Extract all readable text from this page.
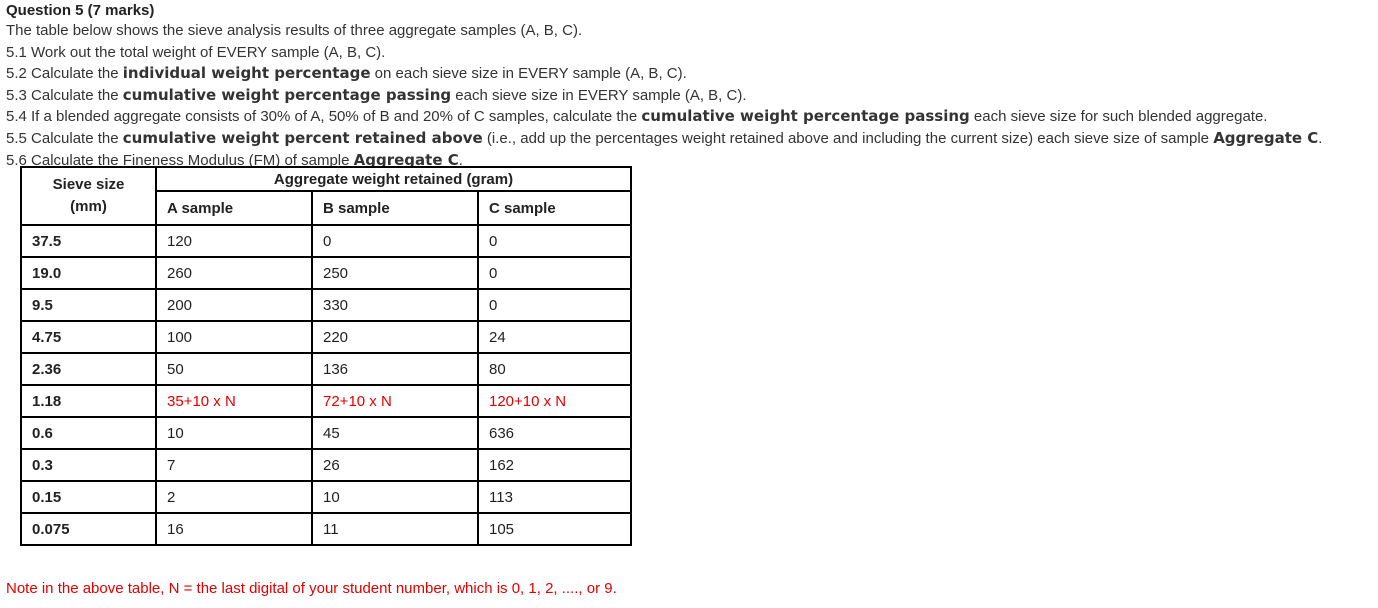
Question 5 (7 marks)
The table below shows the sieve analysis results of three aggregate samples (A, B, C).
5.1 Work out the total weight of EVERY sample (A, B, C).
5.2 Calculate the individual weight percentage on each sieve size in EVERY sample (A, B, C).
5.3 Calculate the cumulative weight percentage passing each sieve size in EVERY sample (A, B, C).
5.4 If a blended aggregate consists of 30% of A, 50% of B and 20% of C samples, calculate the cumulative weight percentage passing each sieve size for such blended aggregate.
5.5 Calculate the cumulative weight percent retained above (i.e., add up the percentages weight retained above and including the current size) each sieve size of sample Aggregate C.
5.6 Calculate the Fineness Modulus (FM) of sample Aggregate C.
Sieve size
(mm)	Aggregate weight retained (gram)		
	A sample	B sample	C sample
37.5	120	0	0
19.0	260	250	0
9.5	200	330	0
4.75	100	220	24
2.36	50	136	80
1.18	35+10 x N	72+10 x N	120+10 x N
0.6	10	45	636
0.3	7	26	162
0.15	2	10	113
0.075	16	11	105
Note in the above table, N = the last digital of your student number, which is 0, 1, 2, ...., or 9.
